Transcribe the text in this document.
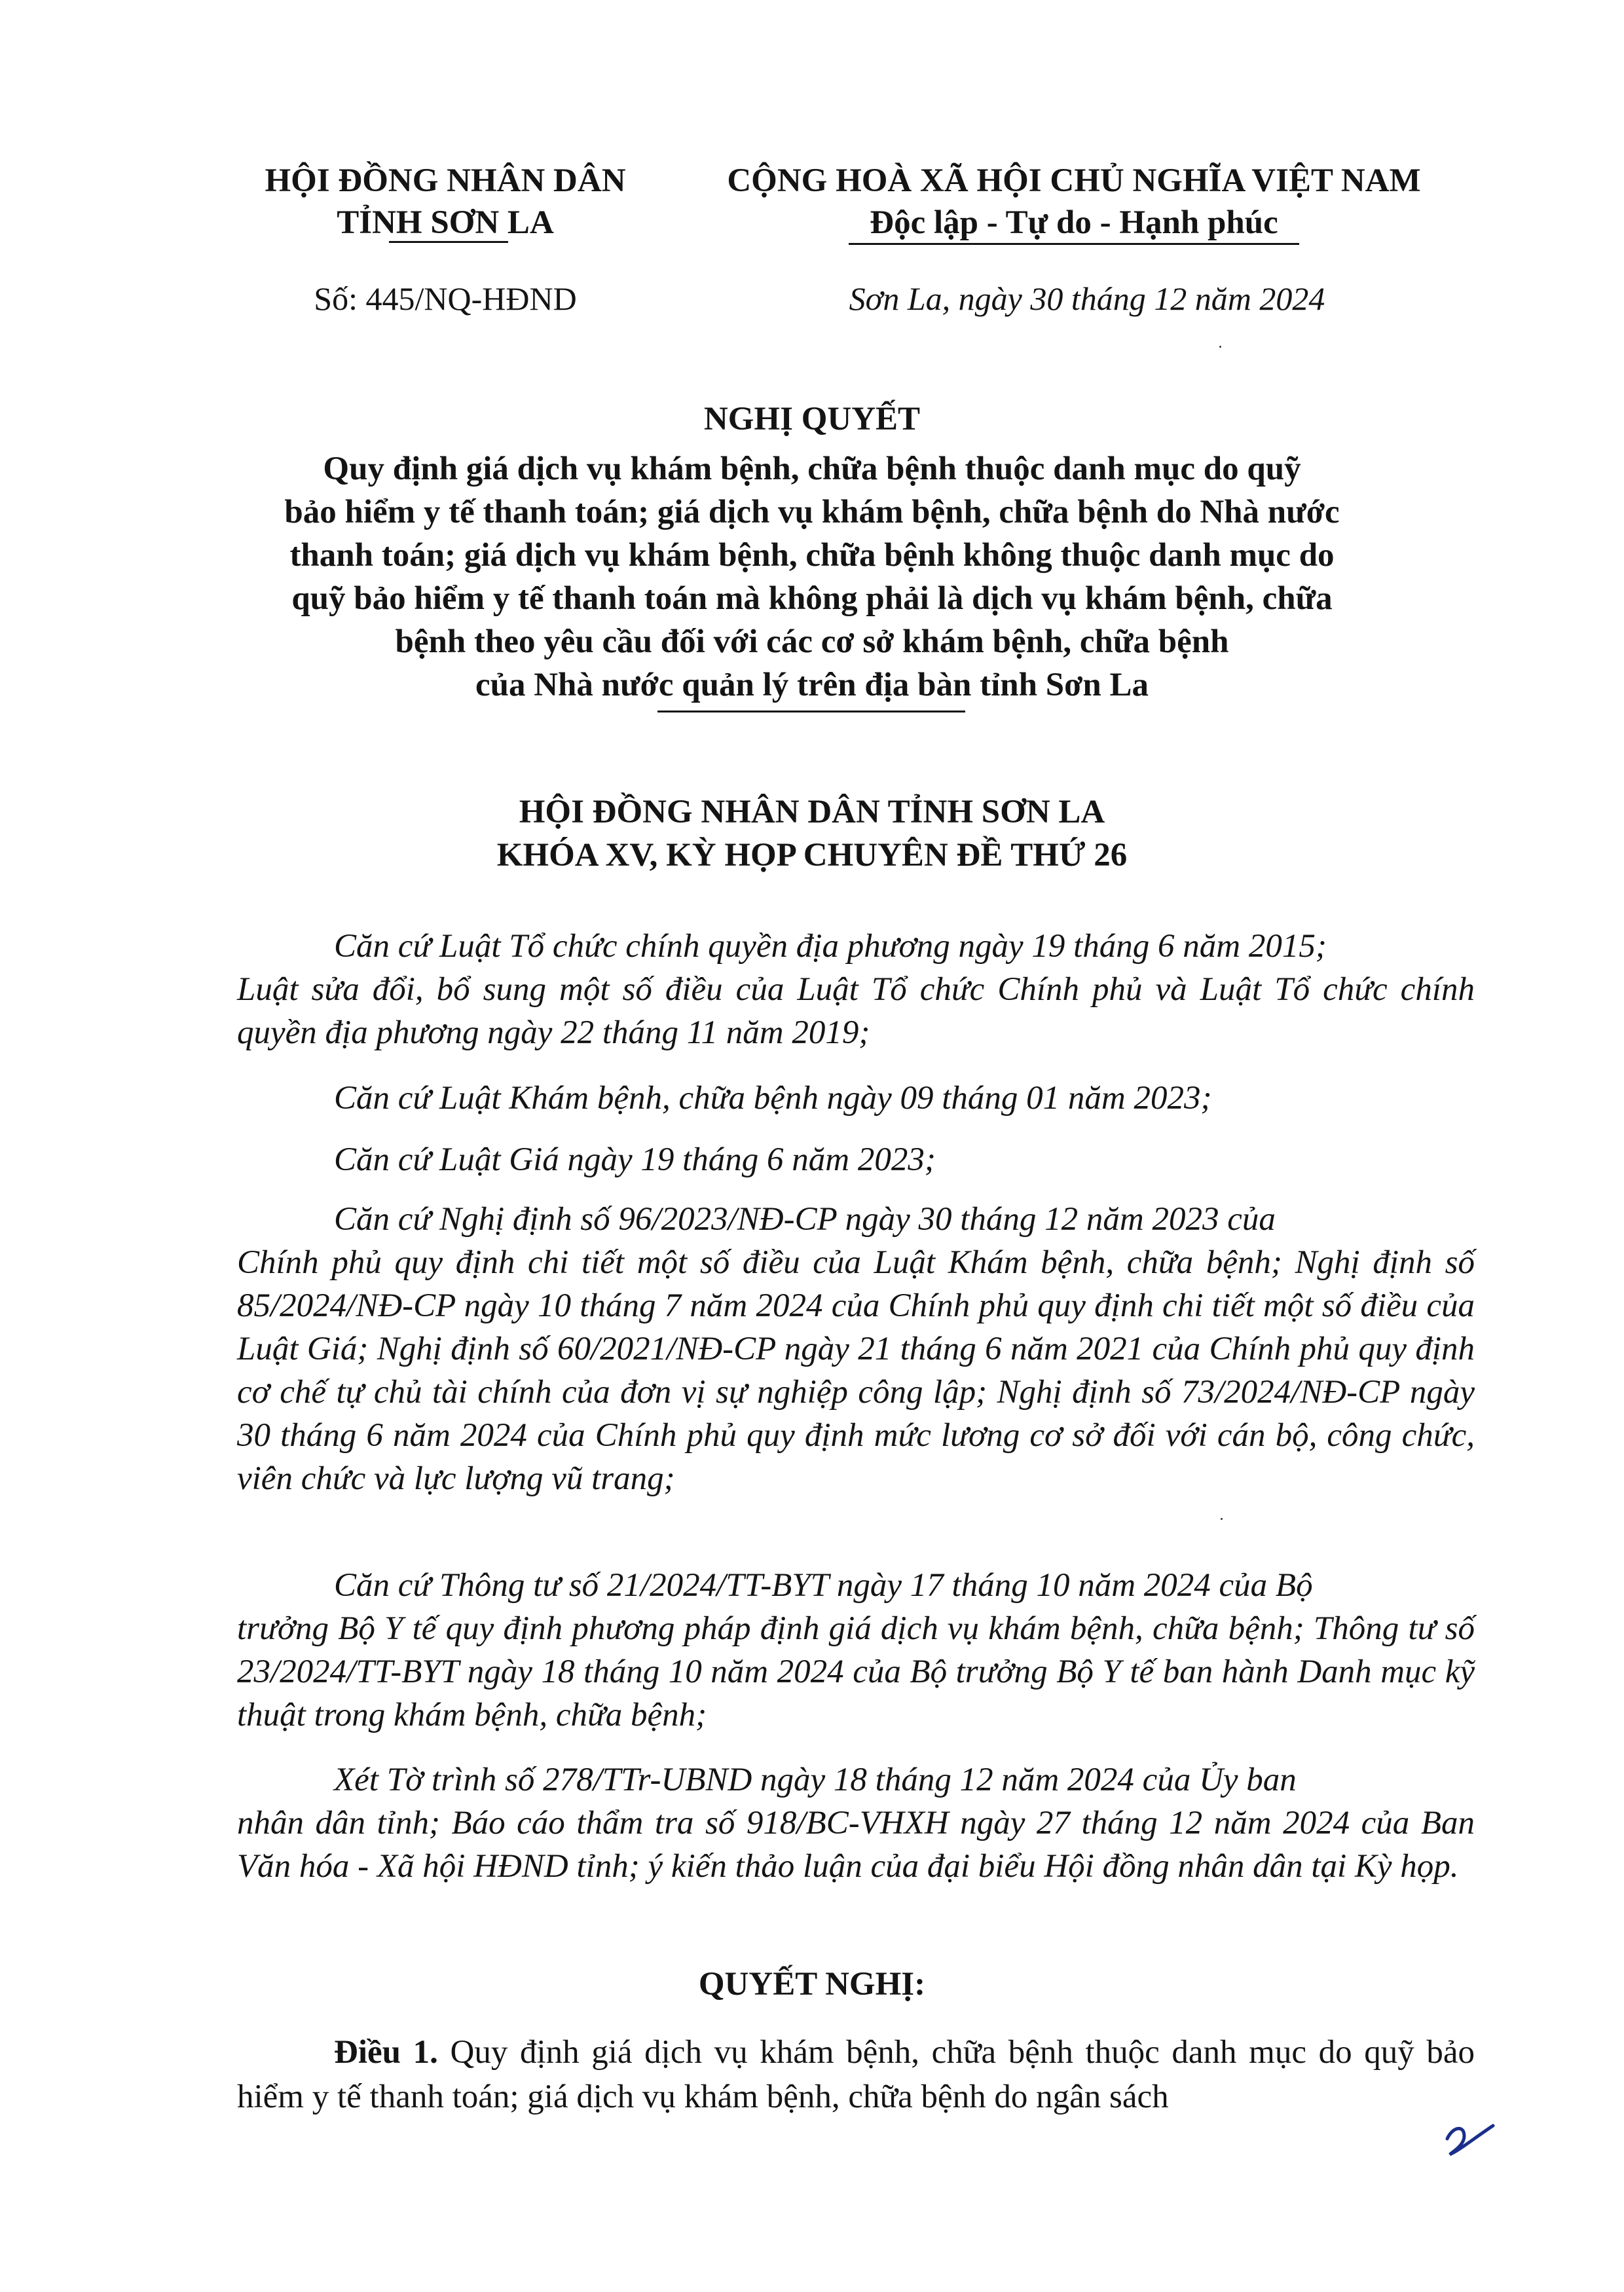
HỘI ĐỒNG NHÂN DÂN
TỈNH SƠN LA
CỘNG HOÀ XÃ HỘI CHỦ NGHĨA VIỆT NAM
Độc lập - Tự do - Hạnh phúc
Số: 445/NQ-HĐND	Sơn La, ngày 30 tháng 12 năm 2024
NGHỊ QUYẾT
Quy định giá dịch vụ khám bệnh, chữa bệnh thuộc danh mục do quỹ
bảo hiểm y tế thanh toán; giá dịch vụ khám bệnh, chữa bệnh do Nhà nước
thanh toán; giá dịch vụ khám bệnh, chữa bệnh không thuộc danh mục do
quỹ bảo hiểm y tế thanh toán mà không phải là dịch vụ khám bệnh, chữa
bệnh theo yêu cầu đối với các cơ sở khám bệnh, chữa bệnh
của Nhà nước quản lý trên địa bàn tỉnh Sơn La
HỘI ĐỒNG NHÂN DÂN TỈNH SƠN LA
KHÓA XV, KỲ HỌP CHUYÊN ĐỀ THỨ 26
Căn cứ Luật Tổ chức chính quyền địa phương ngày 19 tháng 6 năm 2015;
Luật sửa đổi, bổ sung một số điều của Luật Tổ chức Chính phủ và Luật Tổ chức chính quyền địa phương ngày 22 tháng 11 năm 2019;
Căn cứ Luật Khám bệnh, chữa bệnh ngày 09 tháng 01 năm 2023;
Căn cứ Luật Giá ngày 19 tháng 6 năm 2023;
Căn cứ Nghị định số 96/2023/NĐ-CP ngày 30 tháng 12 năm 2023 của
Chính phủ quy định chi tiết một số điều của Luật Khám bệnh, chữa bệnh; Nghị định số 85/2024/NĐ-CP ngày 10 tháng 7 năm 2024 của Chính phủ quy định chi tiết một số điều của Luật Giá; Nghị định số 60/2021/NĐ-CP ngày 21 tháng 6 năm 2021 của Chính phủ quy định cơ chế tự chủ tài chính của đơn vị sự nghiệp công lập; Nghị định số 73/2024/NĐ-CP ngày 30 tháng 6 năm 2024 của Chính phủ quy định mức lương cơ sở đối với cán bộ, công chức, viên chức và lực lượng vũ trang;
Căn cứ Thông tư số 21/2024/TT-BYT ngày 17 tháng 10 năm 2024 của Bộ
trưởng Bộ Y tế quy định phương pháp định giá dịch vụ khám bệnh, chữa bệnh; Thông tư số 23/2024/TT-BYT ngày 18 tháng 10 năm 2024 của Bộ trưởng Bộ Y tế ban hành Danh mục kỹ thuật trong khám bệnh, chữa bệnh;
Xét Tờ trình số 278/TTr-UBND ngày 18 tháng 12 năm 2024 của Ủy ban
nhân dân tỉnh; Báo cáo thẩm tra số 918/BC-VHXH ngày 27 tháng 12 năm 2024 của Ban Văn hóa - Xã hội HĐND tỉnh; ý kiến thảo luận của đại biểu Hội đồng nhân dân tại Kỳ họp.
QUYẾT NGHỊ:
Điều 1. Quy định giá dịch vụ khám bệnh, chữa bệnh thuộc danh mục do quỹ bảo hiểm y tế thanh toán; giá dịch vụ khám bệnh, chữa bệnh do ngân sách
